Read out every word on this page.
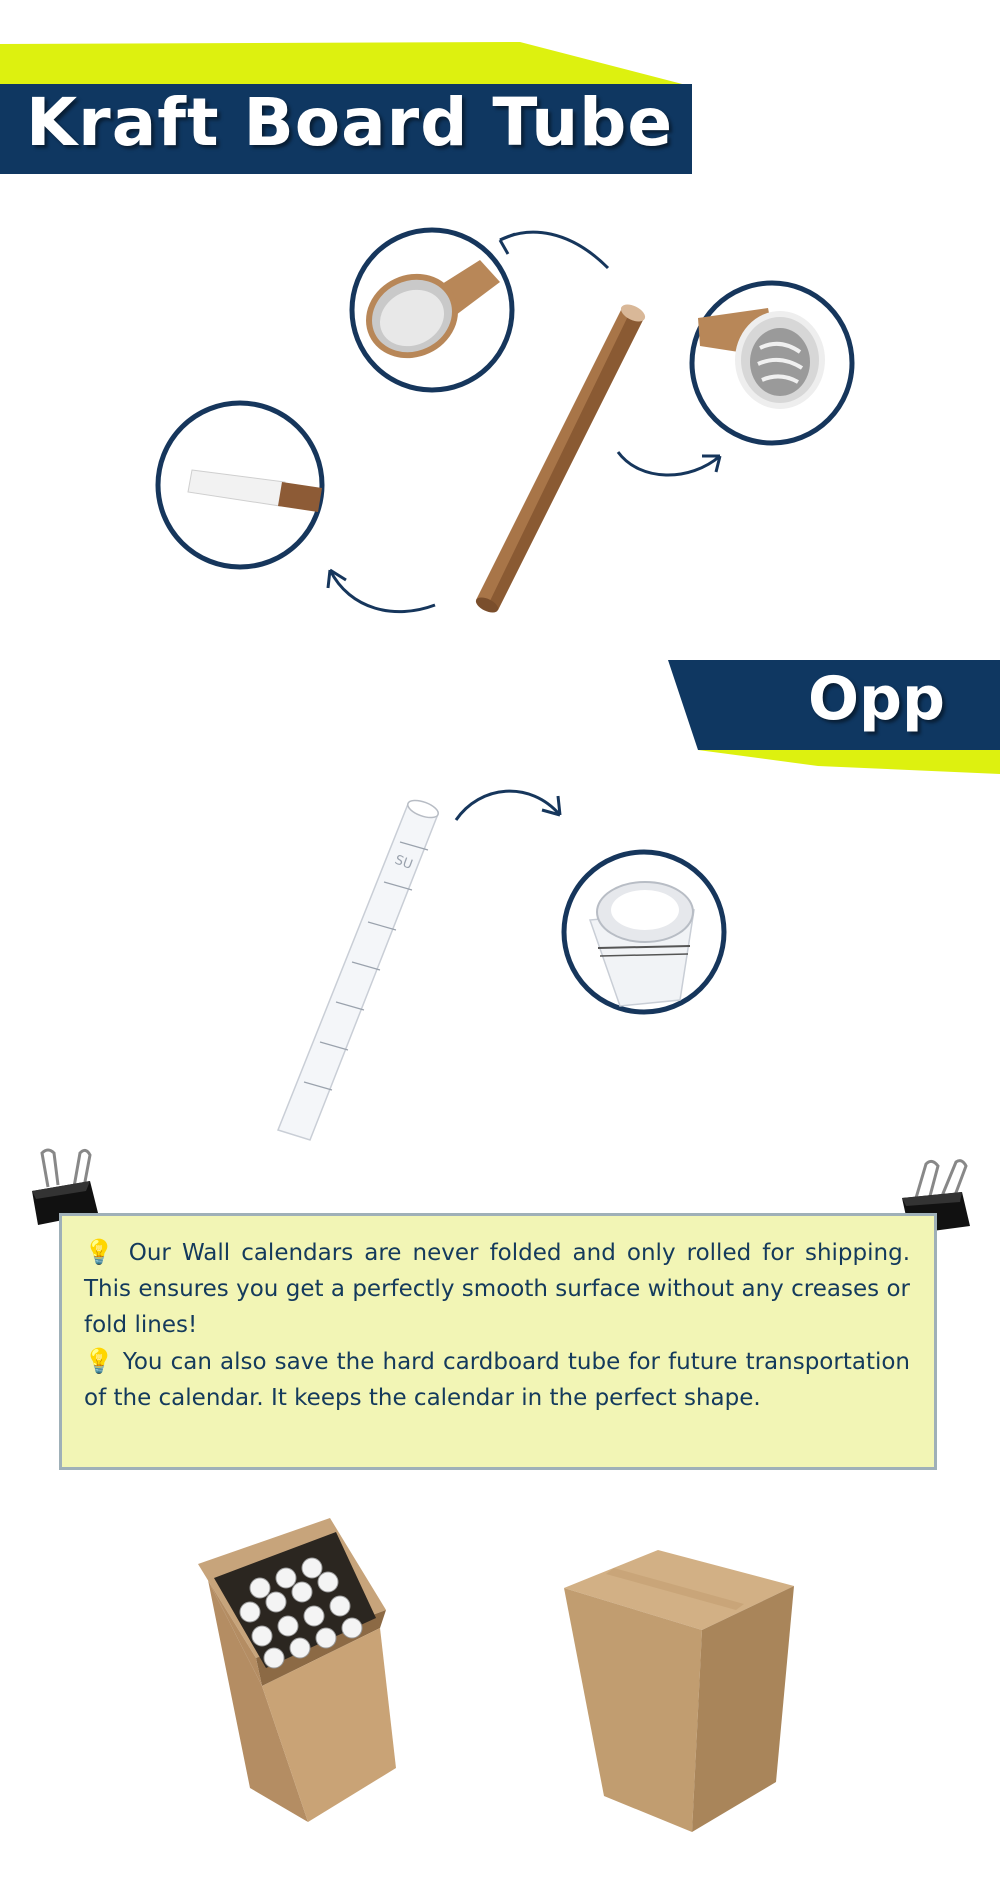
Kraft Board Tube
Opp
SU

💡 Our Wall calendars are never folded and only rolled for shipping. This ensures you get a perfectly smooth surface without any creases or fold lines!

💡 You can also save the hard cardboard tube for future transportation of the calendar. It keeps the calendar in the perfect shape.
